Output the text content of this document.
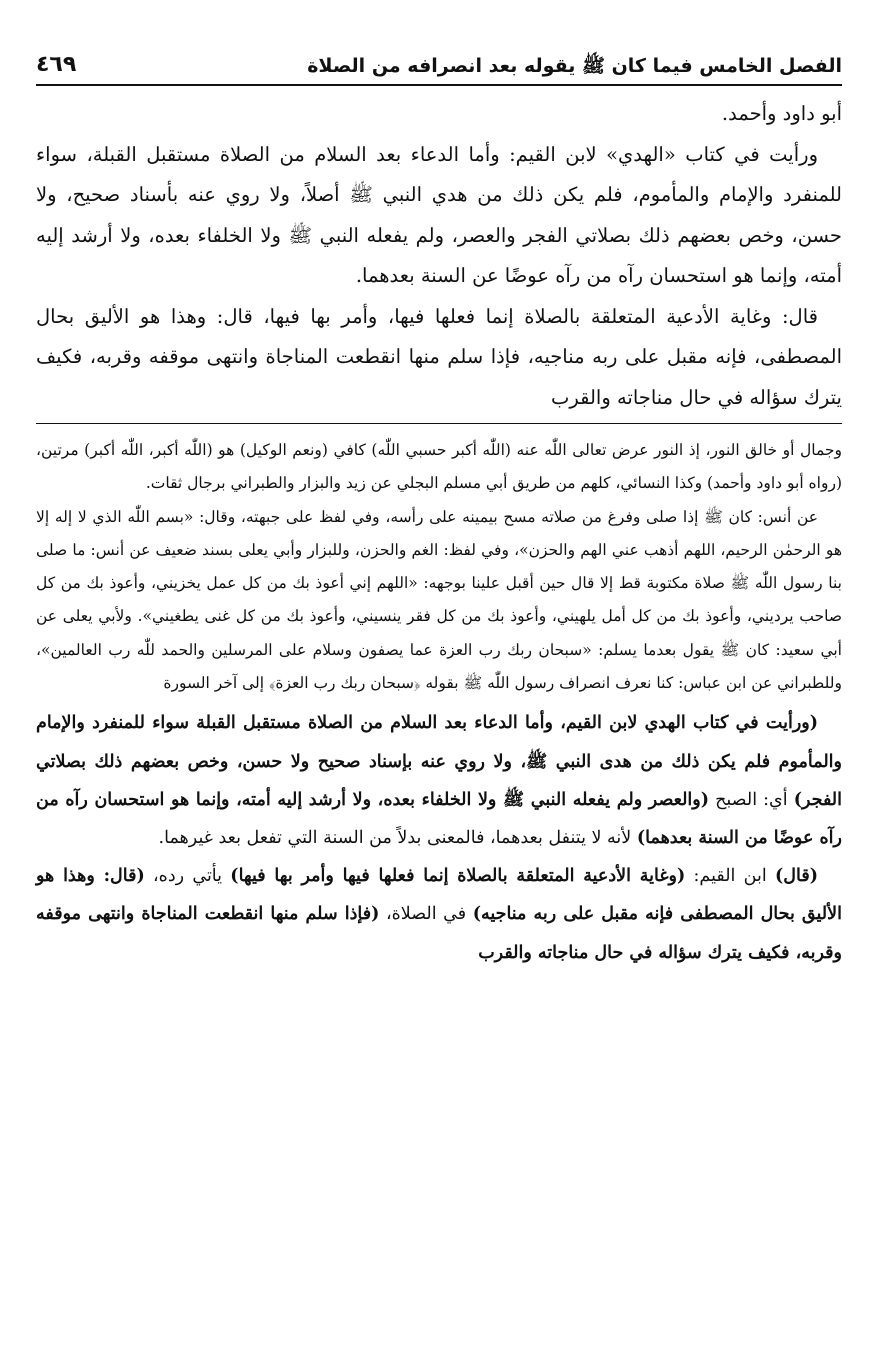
الفصل الخامس فيما كان ﷺ يقوله بعد انصرافه من الصلاة
٤٦٩

أبو داود وأحمد.

ورأيت في كتاب «الهدي» لابن القيم: وأما الدعاء بعد السلام من الصلاة مستقبل القبلة، سواء للمنفرد والإمام والمأموم، فلم يكن ذلك من هدي النبي ﷺ أصلاً، ولا روي عنه بأسناد صحيح، ولا حسن، وخص بعضهم ذلك بصلاتي الفجر والعصر، ولم يفعله النبي ﷺ ولا الخلفاء بعده، ولا أرشد إليه أمته، وإنما هو استحسان رآه من رآه عوضًا عن السنة بعدهما.

قال: وغاية الأدعية المتعلقة بالصلاة إنما فعلها فيها، وأمر بها فيها، قال: وهذا هو الأليق بحال المصطفى، فإنه مقبل على ربه مناجيه، فإذا سلم منها انقطعت المناجاة وانتهى موقفه وقربه، فكيف يترك سؤاله في حال مناجاته والقرب

وجمال أو خالق النور، إذ النور عرض تعالى اللّٰه عنه (اللّٰه أكبر حسبي اللّٰه) كافي (ونعم الوكيل) هو (اللّٰه أكبر، اللّٰه أكبر) مرتين، (رواه أبو داود وأحمد) وكذا النسائي، كلهم من طريق أبي مسلم البجلي عن زيد والبزار والطبراني برجال ثقات.

عن أنس: كان ﷺ إذا صلى وفرغ من صلاته مسح بيمينه على رأسه، وفي لفظ على جبهته، وقال: «بسم اللّٰه الذي لا إله إلا هو الرحمٰن الرحيم، اللهم أذهب عني الهم والحزن»، وفي لفظ: الغم والحزن، وللبزار وأبي يعلى بسند ضعيف عن أنس: ما صلى بنا رسول اللّٰه ﷺ صلاة مكتوبة قط إلا قال حين أقبل علينا بوجهه: «اللهم إني أعوذ بك من كل عمل يخزيني، وأعوذ بك من كل صاحب يرديني، وأعوذ بك من كل أمل يلهيني، وأعوذ بك من كل فقر ينسيني، وأعوذ بك من كل غنى يطغيني». ولأبي يعلى عن أبي سعيد: كان ﷺ يقول بعدما يسلم: «سبحان ربك رب العزة عما يصفون وسلام على المرسلين والحمد للّٰه رب العالمين»، وللطبراني عن ابن عباس: كنا نعرف انصراف رسول اللّٰه ﷺ بقوله ﴿سبحان ربك رب العزة﴾ إلى آخر السورة

(ورأيت في كتاب الهدي لابن القيم، وأما الدعاء بعد السلام من الصلاة مستقبل القبلة سواء للمنفرد والإمام والمأموم فلم يكن ذلك من هدى النبي ﷺ، ولا روي عنه بإسناد صحيح ولا حسن، وخص بعضهم ذلك بصلاتي الفجر) أي: الصبح (والعصر ولم يفعله النبي ﷺ ولا الخلفاء بعده، ولا أرشد إليه أمته، وإنما هو استحسان رآه من رآه عوضًا من السنة بعدهما) لأنه لا يتنفل بعدهما، فالمعنى بدلاً من السنة التي تفعل بعد غيرهما.

(قال) ابن القيم: (وغاية الأدعية المتعلقة بالصلاة إنما فعلها فيها وأمر بها فيها) يأتي رده، (قال: وهذا هو الأليق بحال المصطفى فإنه مقبل على ربه مناجيه) في الصلاة، (فإذا سلم منها انقطعت المناجاة وانتهى موقفه وقربه، فكيف يترك سؤاله في حال مناجاته والقرب
